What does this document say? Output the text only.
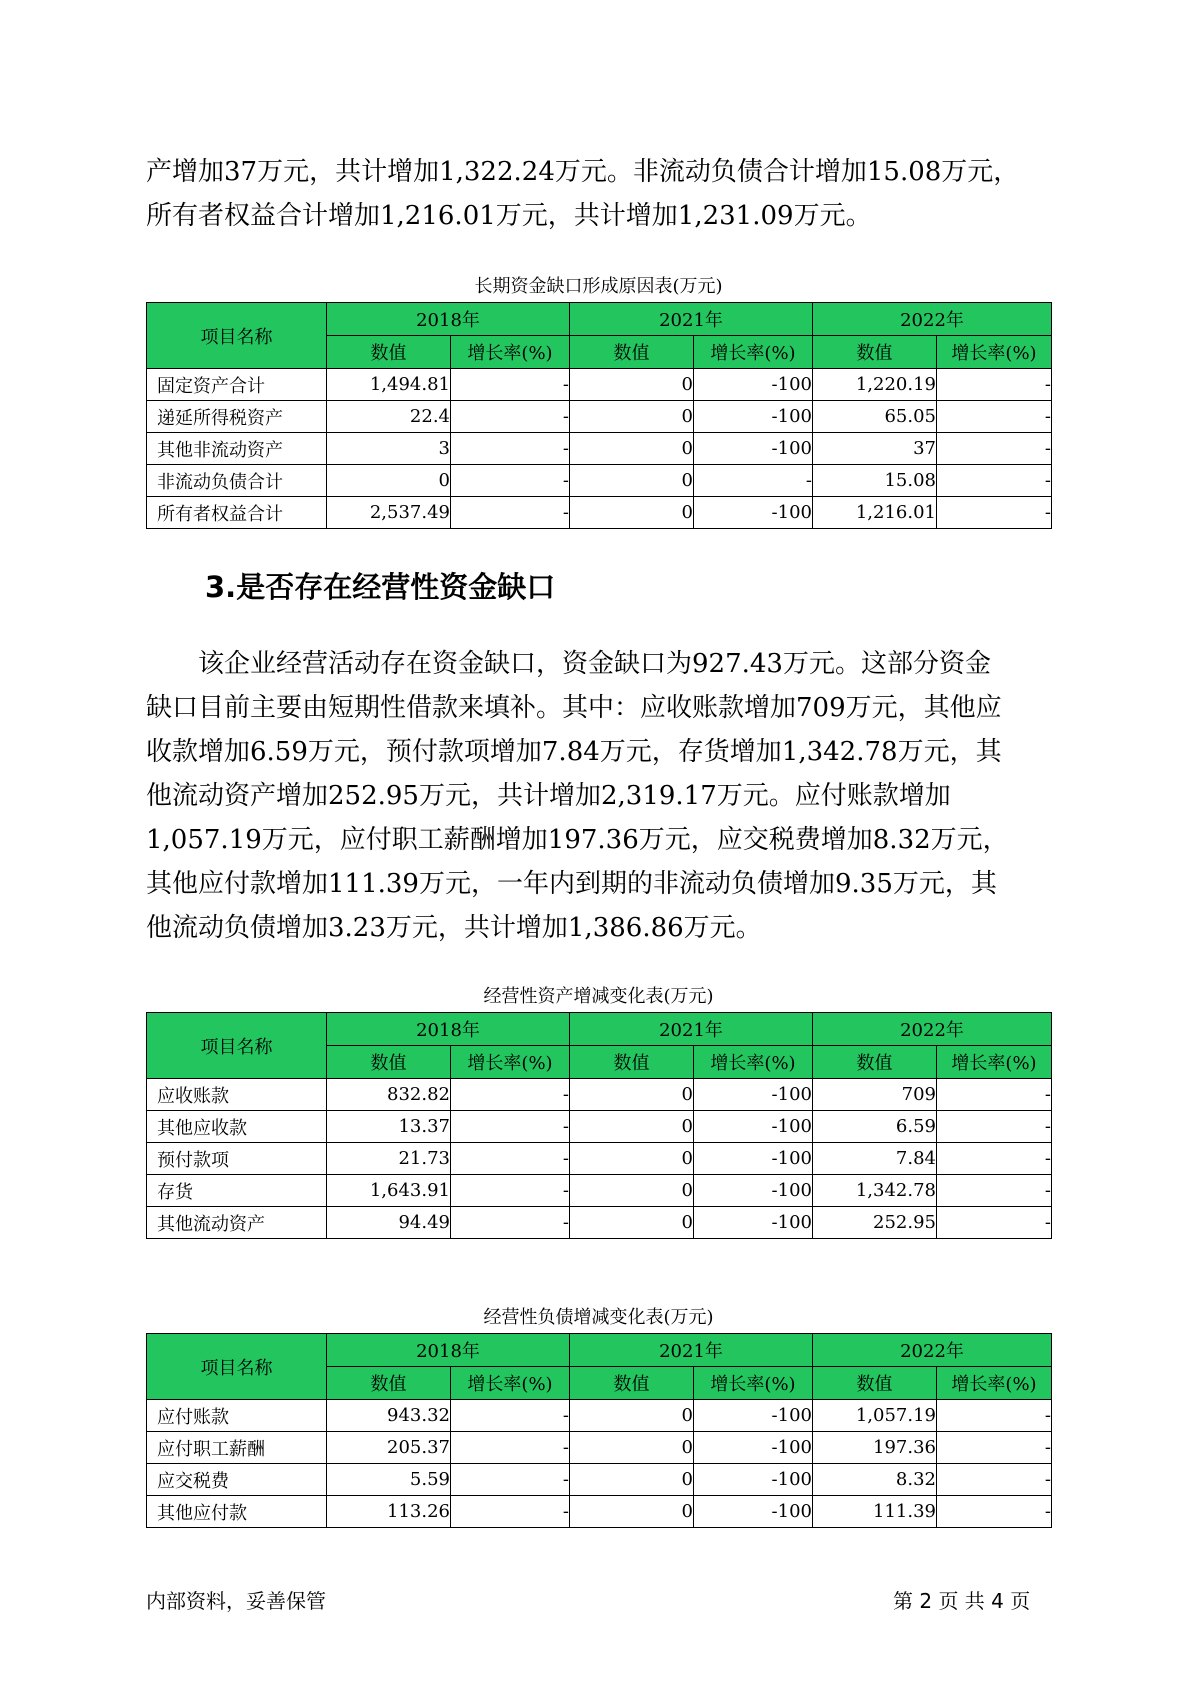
产增加37万元，共计增加1,322.24万元。非流动负债合计增加15.08万元，
所有者权益合计增加1,216.01万元，共计增加1,231.09万元。

长期资金缺口形成原因表(万元)
项目名称	2018年		2021年		2022年	
	数值	增长率(%)	数值	增长率(%)	数值	增长率(%)
固定资产合计	1,494.81	-	0	-100	1,220.19	-
递延所得税资产	22.4	-	0	-100	65.05	-
其他非流动资产	3	-	0	-100	37	-
非流动负债合计	0	-	0	-	15.08	-
所有者权益合计	2,537.49	-	0	-100	1,216.01	-
3.是否存在经营性资金缺口

　　该企业经营活动存在资金缺口，资金缺口为927.43万元。这部分资金
缺口目前主要由短期性借款来填补。其中：应收账款增加709万元，其他应
收款增加6.59万元，预付款项增加7.84万元，存货增加1,342.78万元，其
他流动资产增加252.95万元，共计增加2,319.17万元。应付账款增加
1,057.19万元，应付职工薪酬增加197.36万元，应交税费增加8.32万元，
其他应付款增加111.39万元，一年内到期的非流动负债增加9.35万元，其
他流动负债增加3.23万元，共计增加1,386.86万元。

经营性资产增减变化表(万元)
项目名称	2018年		2021年		2022年	
	数值	增长率(%)	数值	增长率(%)	数值	增长率(%)
应收账款	832.82	-	0	-100	709	-
其他应收款	13.37	-	0	-100	6.59	-
预付款项	21.73	-	0	-100	7.84	-
存货	1,643.91	-	0	-100	1,342.78	-
其他流动资产	94.49	-	0	-100	252.95	-
经营性负债增减变化表(万元)
项目名称	2018年		2021年		2022年	
	数值	增长率(%)	数值	增长率(%)	数值	增长率(%)
应付账款	943.32	-	0	-100	1,057.19	-
应付职工薪酬	205.37	-	0	-100	197.36	-
应交税费	5.59	-	0	-100	8.32	-
其他应付款	113.26	-	0	-100	111.39	-
内部资料，妥善保管	第 2 页 共 4 页
